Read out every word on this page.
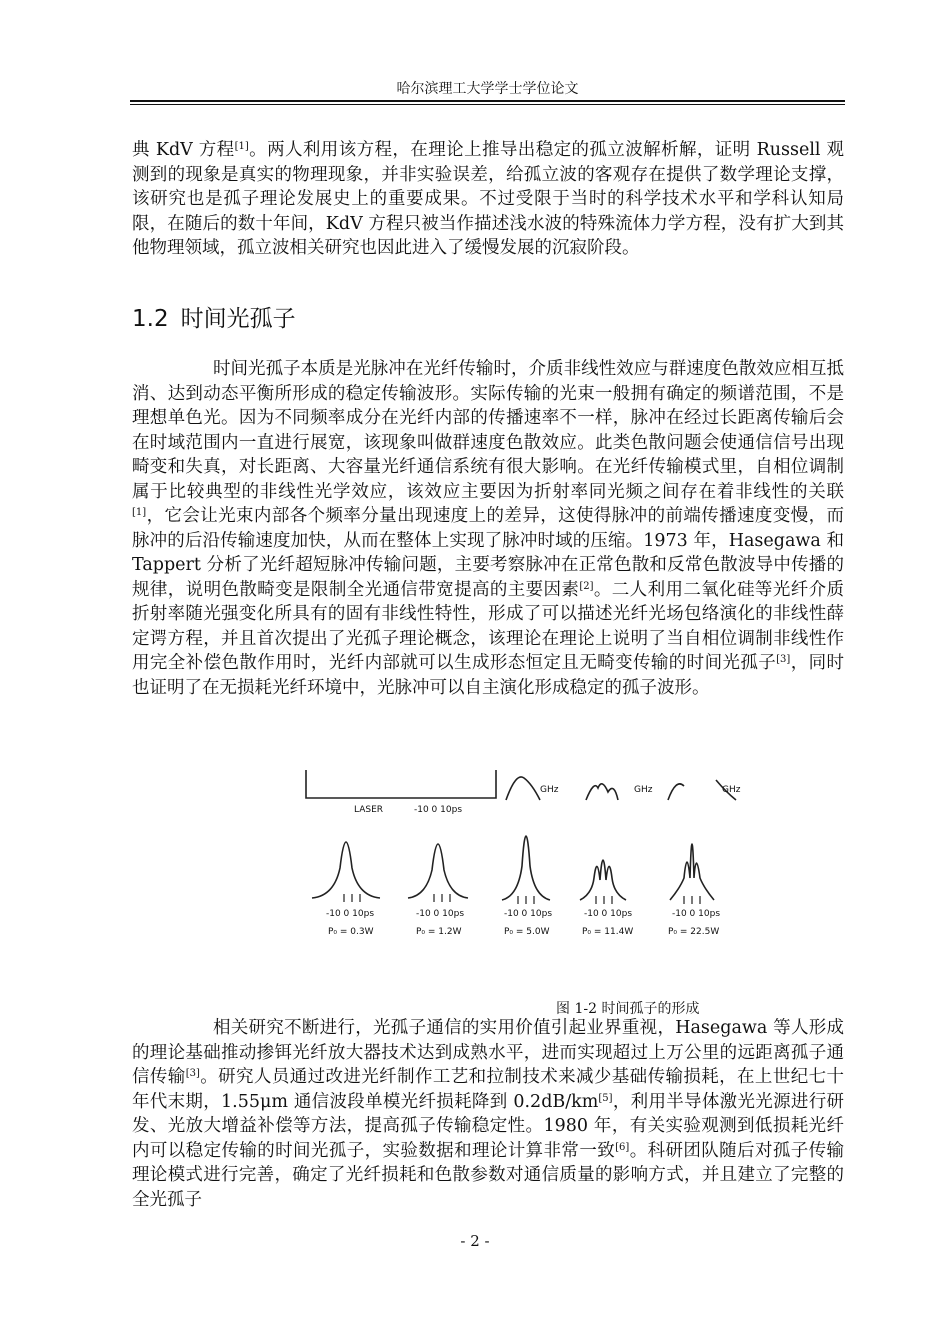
哈尔滨理工大学学士学位论文

典 KdV 方程[1]。两人利用该方程，在理论上推导出稳定的孤立波解析解，证明 Russell 观测到的现象是真实的物理现象，并非实验误差，给孤立波的客观存在提供了数学理论支撑，该研究也是孤子理论发展史上的重要成果。不过受限于当时的科学技术水平和学科认知局限，在随后的数十年间，KdV 方程只被当作描述浅水波的特殊流体力学方程，没有扩大到其他物理领域，孤立波相关研究也因此进入了缓慢发展的沉寂阶段。

1.2 时间光孤子

时间光孤子本质是光脉冲在光纤传输时，介质非线性效应与群速度色散效应相互抵消、达到动态平衡所形成的稳定传输波形。实际传输的光束一般拥有确定的频谱范围，不是理想单色光。因为不同频率成分在光纤内部的传播速率不一样，脉冲在经过长距离传输后会在时域范围内一直进行展宽，该现象叫做群速度色散效应。此类色散问题会使通信信号出现畸变和失真，对长距离、大容量光纤通信系统有很大影响。在光纤传输模式里，自相位调制属于比较典型的非线性光学效应，该效应主要因为折射率同光频之间存在着非线性的关联[1]，它会让光束内部各个频率分量出现速度上的差异，这使得脉冲的前端传播速度变慢，而脉冲的后沿传输速度加快，从而在整体上实现了脉冲时域的压缩。1973 年，Hasegawa 和 Tappert 分析了光纤超短脉冲传输问题，主要考察脉冲在正常色散和反常色散波导中传播的规律，说明色散畸变是限制全光通信带宽提高的主要因素[2]。二人利用二氧化硅等光纤介质折射率随光强变化所具有的固有非线性特性，形成了可以描述光纤光场包络演化的非线性薛定谔方程，并且首次提出了光孤子理论概念，该理论在理论上说明了当自相位调制非线性作用完全补偿色散作用时，光纤内部就可以生成形态恒定且无畸变传输的时间光孤子[3]，同时也证明了在无损耗光纤环境中，光脉冲可以自主演化形成稳定的孤子波形。

LASER	-10 0 10ps
GHz	GHz	GHz
-10 0 10ps	-10 0 10ps	-10 0 10ps	-10 0 10ps	-10 0 10ps
P₀ = 0.3W	P₀ = 1.2W	P₀ = 5.0W	P₀ = 11.4W	P₀ = 22.5W
图 1-2 时间孤子的形成

相关研究不断进行，光孤子通信的实用价值引起业界重视，Hasegawa 等人形成的理论基础推动掺铒光纤放大器技术达到成熟水平，进而实现超过上万公里的远距离孤子通信传输[3]。研究人员通过改进光纤制作工艺和拉制技术来减少基础传输损耗，在上世纪七十年代末期，1.55μm 通信波段单模光纤损耗降到 0.2dB/km[5]，利用半导体激光光源进行研发、光放大增益补偿等方法，提高孤子传输稳定性。1980 年，有关实验观测到低损耗光纤内可以稳定传输的时间光孤子，实验数据和理论计算非常一致[6]。科研团队随后对孤子传输理论模式进行完善，确定了光纤损耗和色散参数对通信质量的影响方式，并且建立了完整的全光孤子

- 2 -
